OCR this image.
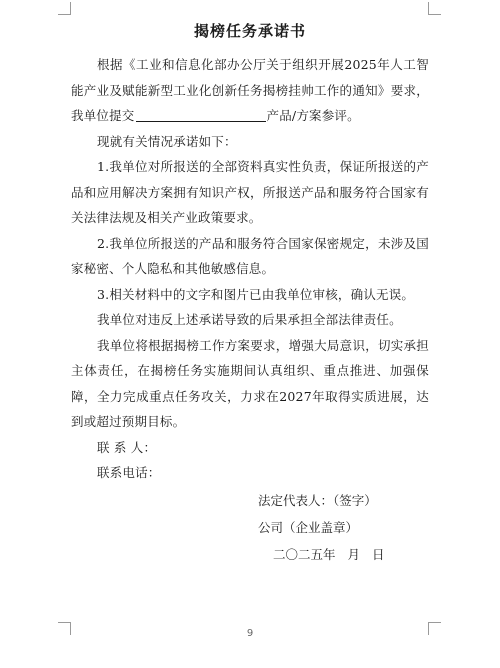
揭榜任务承诺书

根据《工业和信息化部办公厅关于组织开展2025年人工智能产业及赋能新型工业化创新任务揭榜挂帅工作的通知》要求，我单位提交	产品/方案参评。

现就有关情况承诺如下：

1.我单位对所报送的全部资料真实性负责，保证所报送的产品和应用解决方案拥有知识产权，所报送产品和服务符合国家有关法律法规及相关产业政策要求。

2.我单位所报送的产品和服务符合国家保密规定，未涉及国家秘密、个人隐私和其他敏感信息。

3.相关材料中的文字和图片已由我单位审核，确认无误。

我单位对违反上述承诺导致的后果承担全部法律责任。

我单位将根据揭榜工作方案要求，增强大局意识，切实承担主体责任，在揭榜任务实施期间认真组织、重点推进、加强保障，全力完成重点任务攻关，力求在2027年取得实质进展，达到或超过预期目标。

联 系 人：

联系电话：

法定代表人：（签字）
公司（企业盖章）
二〇二五年 月 日
9
